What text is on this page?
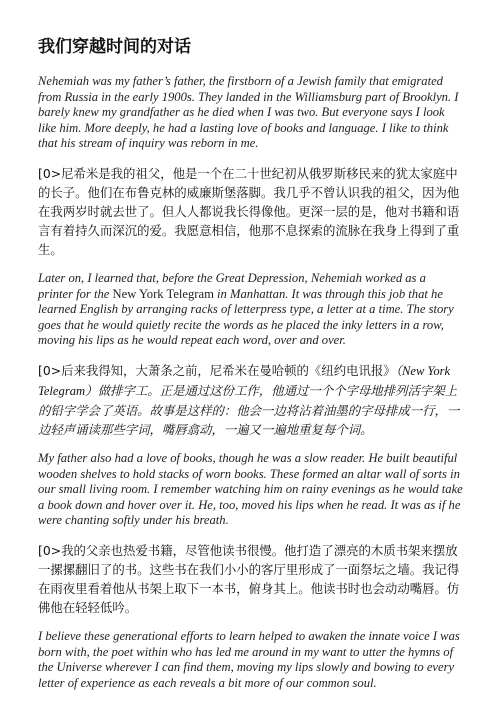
我们穿越时间的对话

Nehemiah was my father’s father, the firstborn of a Jewish family that emigrated from Russia in the early 1900s. They landed in the Williamsburg part of Brooklyn. I barely knew my grandfather as he died when I was two. But everyone says I look like him. More deeply, he had a lasting love of books and language. I like to think that his stream of inquiry was reborn in me.

[0>尼希米是我的祖父，他是一个在二十世纪初从俄罗斯移民来的犹太家庭中的长子。他们在布鲁克林的威廉斯堡落脚。我几乎不曾认识我的祖父，因为他在我两岁时就去世了。但人人都说我长得像他。更深一层的是，他对书籍和语言有着持久而深沉的爱。我愿意相信，他那不息探索的流脉在我身上得到了重生。

Later on, I learned that, before the Great Depression, Nehemiah worked as a printer for the New York Telegram in Manhattan. It was through this job that he learned English by arranging racks of letterpress type, a letter at a time. The story goes that he would quietly recite the words as he placed the inky letters in a row, moving his lips as he would repeat each word, over and over.

[0>后来我得知，大萧条之前，尼希米在曼哈顿的《纽约电讯报》（New York Telegram）做排字工。正是通过这份工作，他通过一个个字母地排列活字架上的铅字学会了英语。故事是这样的：他会一边将沾着油墨的字母排成一行，一边轻声诵读那些字词，嘴唇翕动，一遍又一遍地重复每个词。

My father also had a love of books, though he was a slow reader. He built beautiful wooden shelves to hold stacks of worn books. These formed an altar wall of sorts in our small living room. I remember watching him on rainy evenings as he would take a book down and hover over it. He, too, moved his lips when he read. It was as if he were chanting softly under his breath.

[0>我的父亲也热爱书籍，尽管他读书很慢。他打造了漂亮的木质书架来摆放一摞摞翻旧了的书。这些书在我们小小的客厅里形成了一面祭坛之墙。我记得在雨夜里看着他从书架上取下一本书，俯身其上。他读书时也会动动嘴唇。仿佛他在轻轻低吟。

I believe these generational efforts to learn helped to awaken the innate voice I was born with, the poet within who has led me around in my want to utter the hymns of the Universe wherever I can find them, moving my lips slowly and bowing to every letter of experience as each reveals a bit more of our common soul.
